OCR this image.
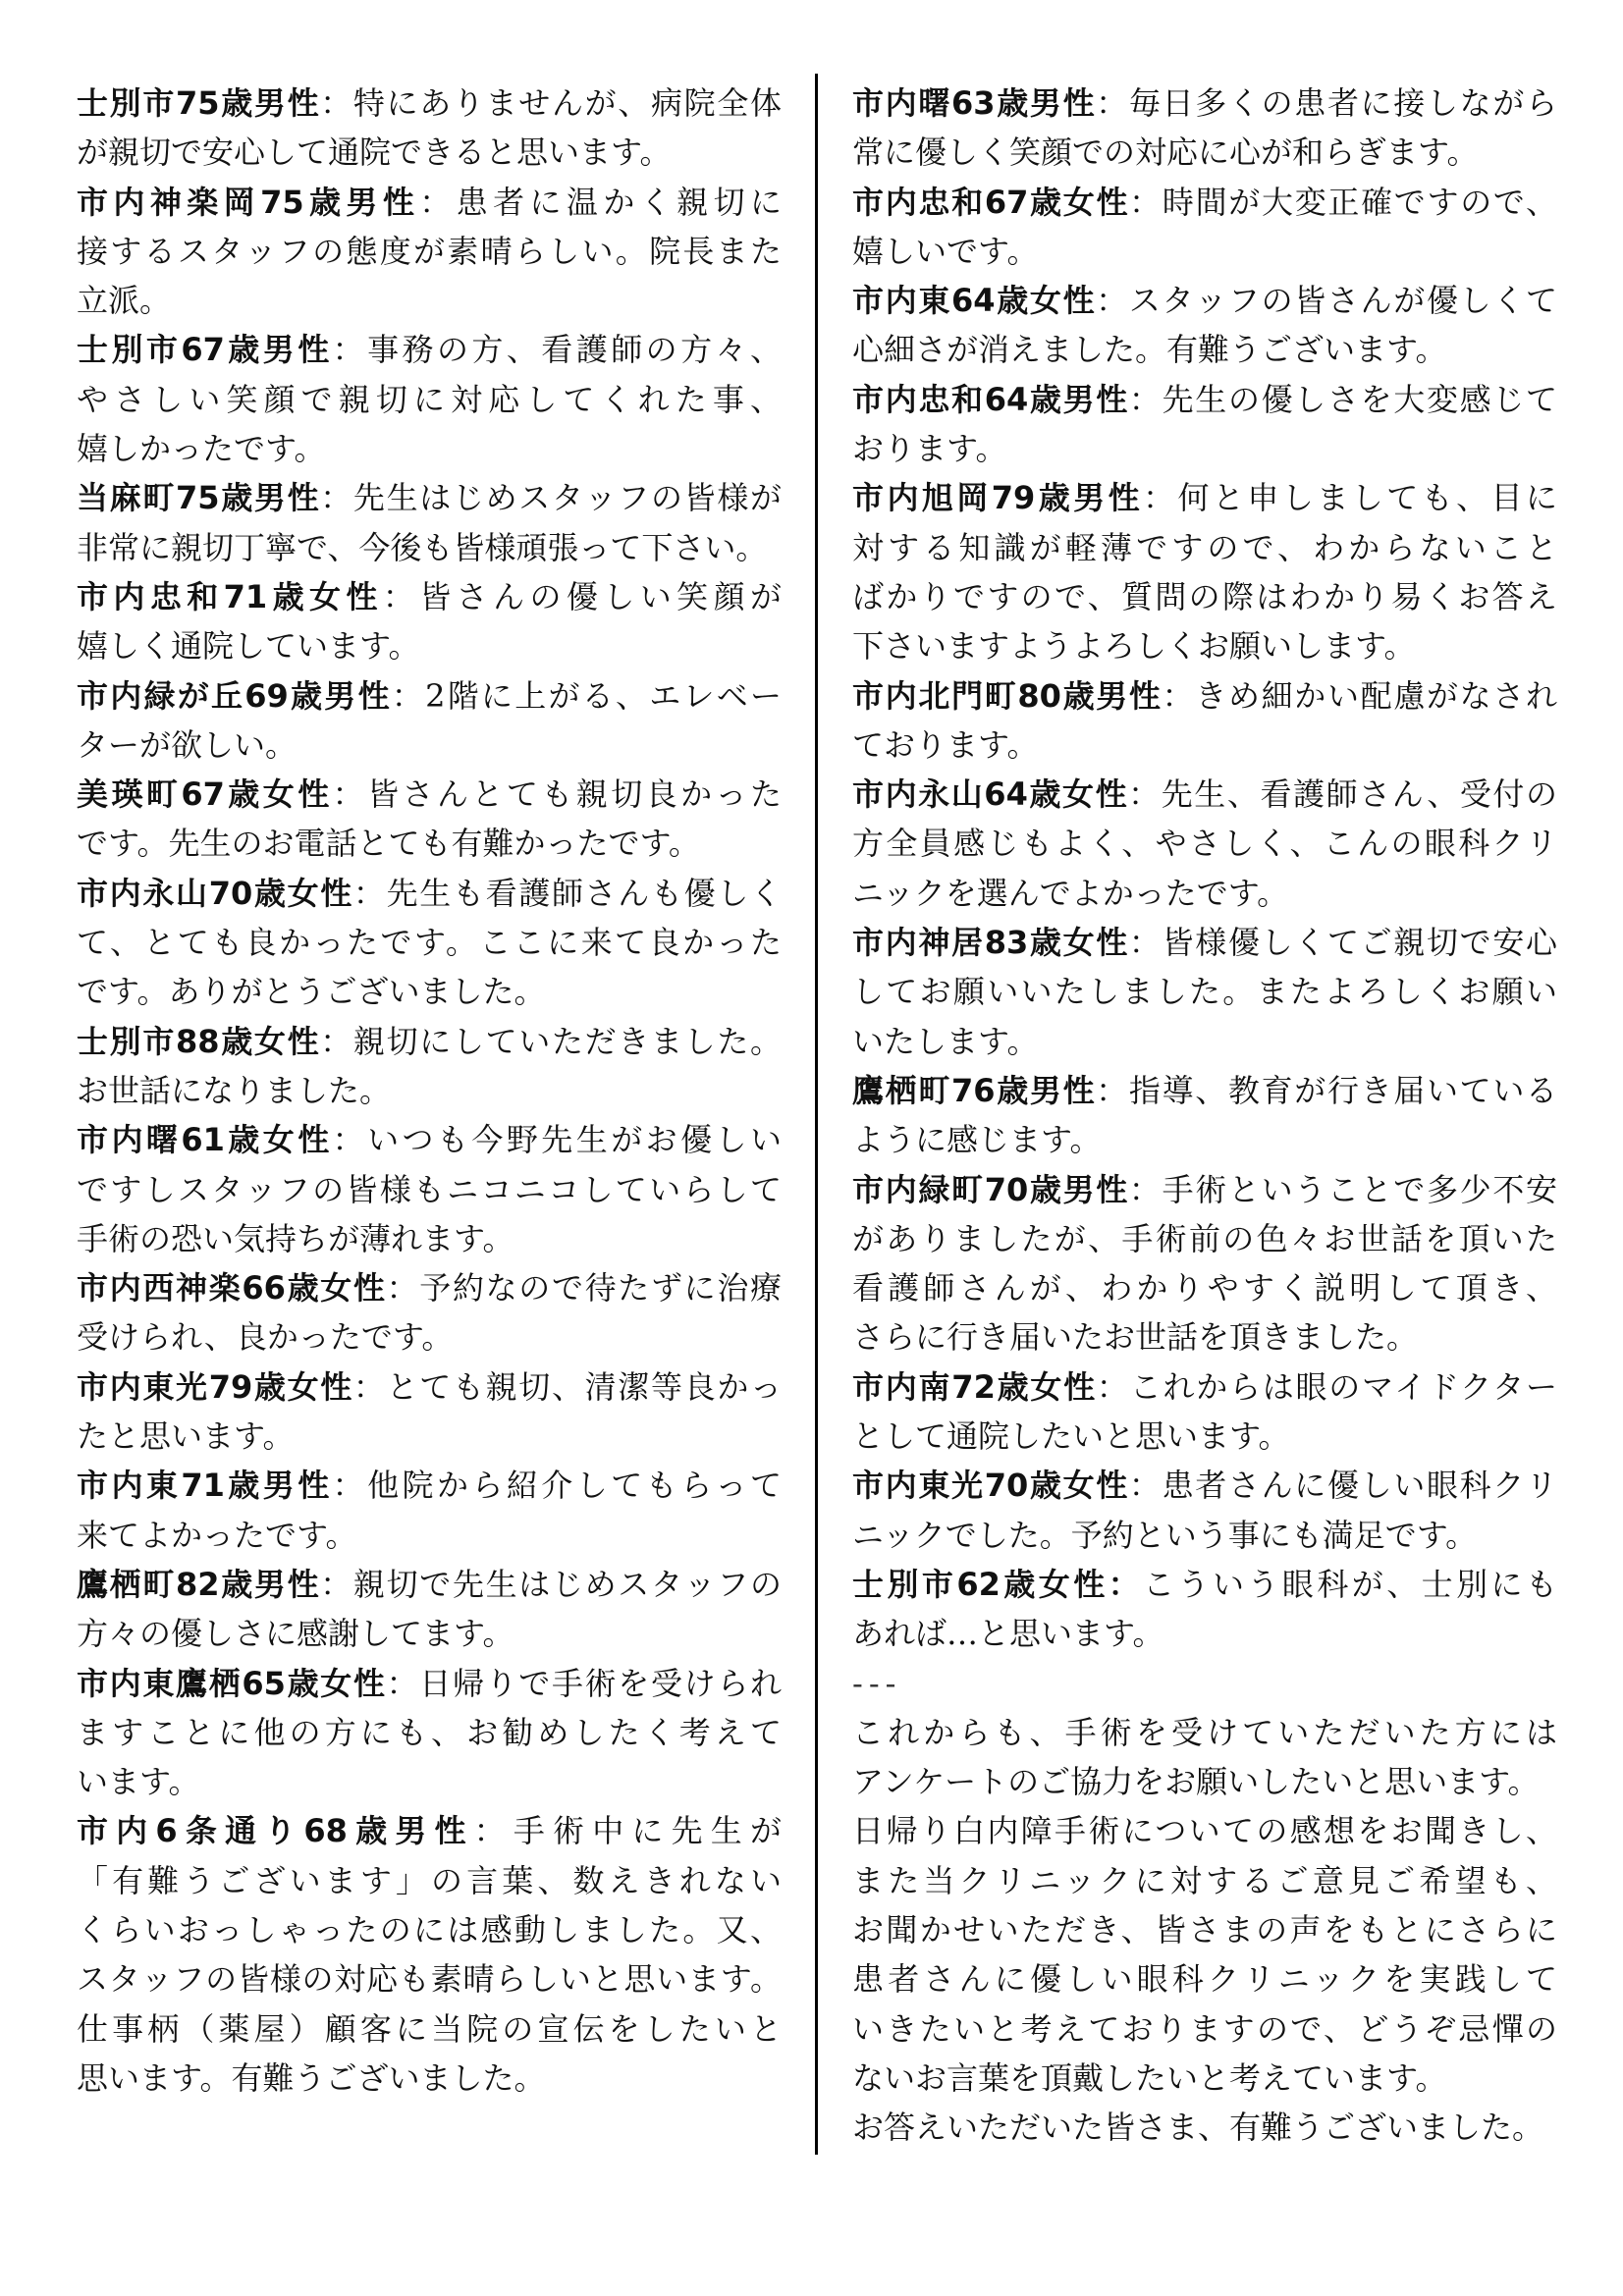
士別市75歳男性：特にありませんが、病院全体
が親切で安心して通院できると思います。
市内神楽岡75歳男性：患者に温かく親切に
接するスタッフの態度が素晴らしい。院長また
立派。
士別市67歳男性：事務の方、看護師の方々、
やさしい笑顔で親切に対応してくれた事、
嬉しかったです。
当麻町75歳男性：先生はじめスタッフの皆様が
非常に親切丁寧で、今後も皆様頑張って下さい。
市内忠和71歳女性：皆さんの優しい笑顔が
嬉しく通院しています。
市内緑が丘69歳男性：2階に上がる、エレベー
ターが欲しい。
美瑛町67歳女性：皆さんとても親切良かった
です。先生のお電話とても有難かったです。
市内永山70歳女性：先生も看護師さんも優しく
て、とても良かったです。ここに来て良かった
です。ありがとうございました。
士別市88歳女性：親切にしていただきました。
お世話になりました。
市内曙61歳女性：いつも今野先生がお優しい
ですしスタッフの皆様もニコニコしていらして
手術の恐い気持ちが薄れます。
市内西神楽66歳女性：予約なので待たずに治療
受けられ、良かったです。
市内東光79歳女性：とても親切、清潔等良かっ
たと思います。
市内東71歳男性：他院から紹介してもらって
来てよかったです。
鷹栖町82歳男性：親切で先生はじめスタッフの
方々の優しさに感謝してます。
市内東鷹栖65歳女性：日帰りで手術を受けられ
ますことに他の方にも、お勧めしたく考えて
います。
市内6条通り68歳男性：手術中に先生が
「有難うございます」の言葉、数えきれない
くらいおっしゃったのには感動しました。又、
スタッフの皆様の対応も素晴らしいと思います。
仕事柄（薬屋）顧客に当院の宣伝をしたいと
思います。有難うございました。
市内曙63歳男性：毎日多くの患者に接しながら
常に優しく笑顔での対応に心が和らぎます。
市内忠和67歳女性：時間が大変正確ですので、
嬉しいです。
市内東64歳女性：スタッフの皆さんが優しくて
心細さが消えました。有難うございます。
市内忠和64歳男性：先生の優しさを大変感じて
おります。
市内旭岡79歳男性：何と申しましても、目に
対する知識が軽薄ですので、わからないこと
ばかりですので、質問の際はわかり易くお答え
下さいますようよろしくお願いします。
市内北門町80歳男性：きめ細かい配慮がなされ
ております。
市内永山64歳女性：先生、看護師さん、受付の
方全員感じもよく、やさしく、こんの眼科クリ
ニックを選んでよかったです。
市内神居83歳女性：皆様優しくてご親切で安心
してお願いいたしました。またよろしくお願い
いたします。
鷹栖町76歳男性：指導、教育が行き届いている
ように感じます。
市内緑町70歳男性：手術ということで多少不安
がありましたが、手術前の色々お世話を頂いた
看護師さんが、わかりやすく説明して頂き、
さらに行き届いたお世話を頂きました。
市内南72歳女性：これからは眼のマイドクター
として通院したいと思います。
市内東光70歳女性：患者さんに優しい眼科クリ
ニックでした。予約という事にも満足です。
士別市62歳女性：こういう眼科が、士別にも
あれば…と思います。
---
これからも、手術を受けていただいた方には
アンケートのご協力をお願いしたいと思います。
日帰り白内障手術についての感想をお聞きし、
また当クリニックに対するご意見ご希望も、
お聞かせいただき、皆さまの声をもとにさらに
患者さんに優しい眼科クリニックを実践して
いきたいと考えておりますので、どうぞ忌憚の
ないお言葉を頂戴したいと考えています。
お答えいただいた皆さま、有難うございました。
